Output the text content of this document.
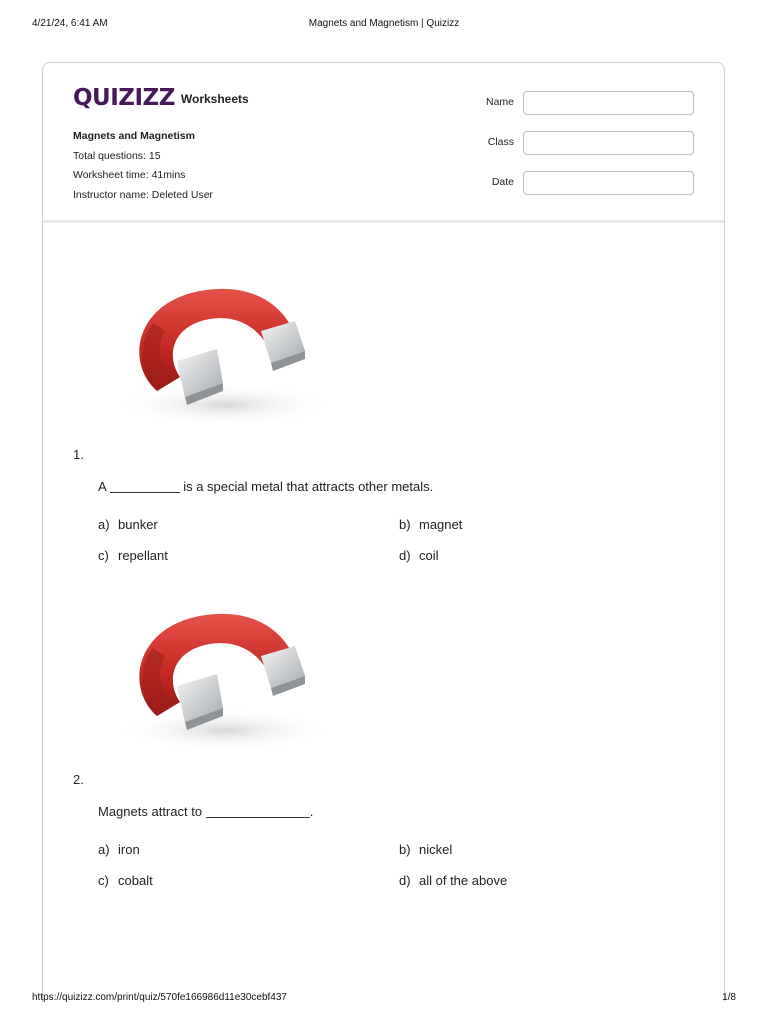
4/21/24, 6:41 AM	Magnets and Magnetism | Quizizz
QUIZIZZ Worksheets
Magnets and Magnetism
Total questions: 15
Worksheet time: 41mins
Instructor name: Deleted User
Name
Class
Date
1.
A	is a special metal that attracts other metals.
a) bunker	b) magnet
c) repellant	d) coil
2.
Magnets attract to	.
a) iron	b) nickel
c) cobalt	d) all of the above
https://quizizz.com/print/quiz/570fe166986d11e30cebf437	1/8
